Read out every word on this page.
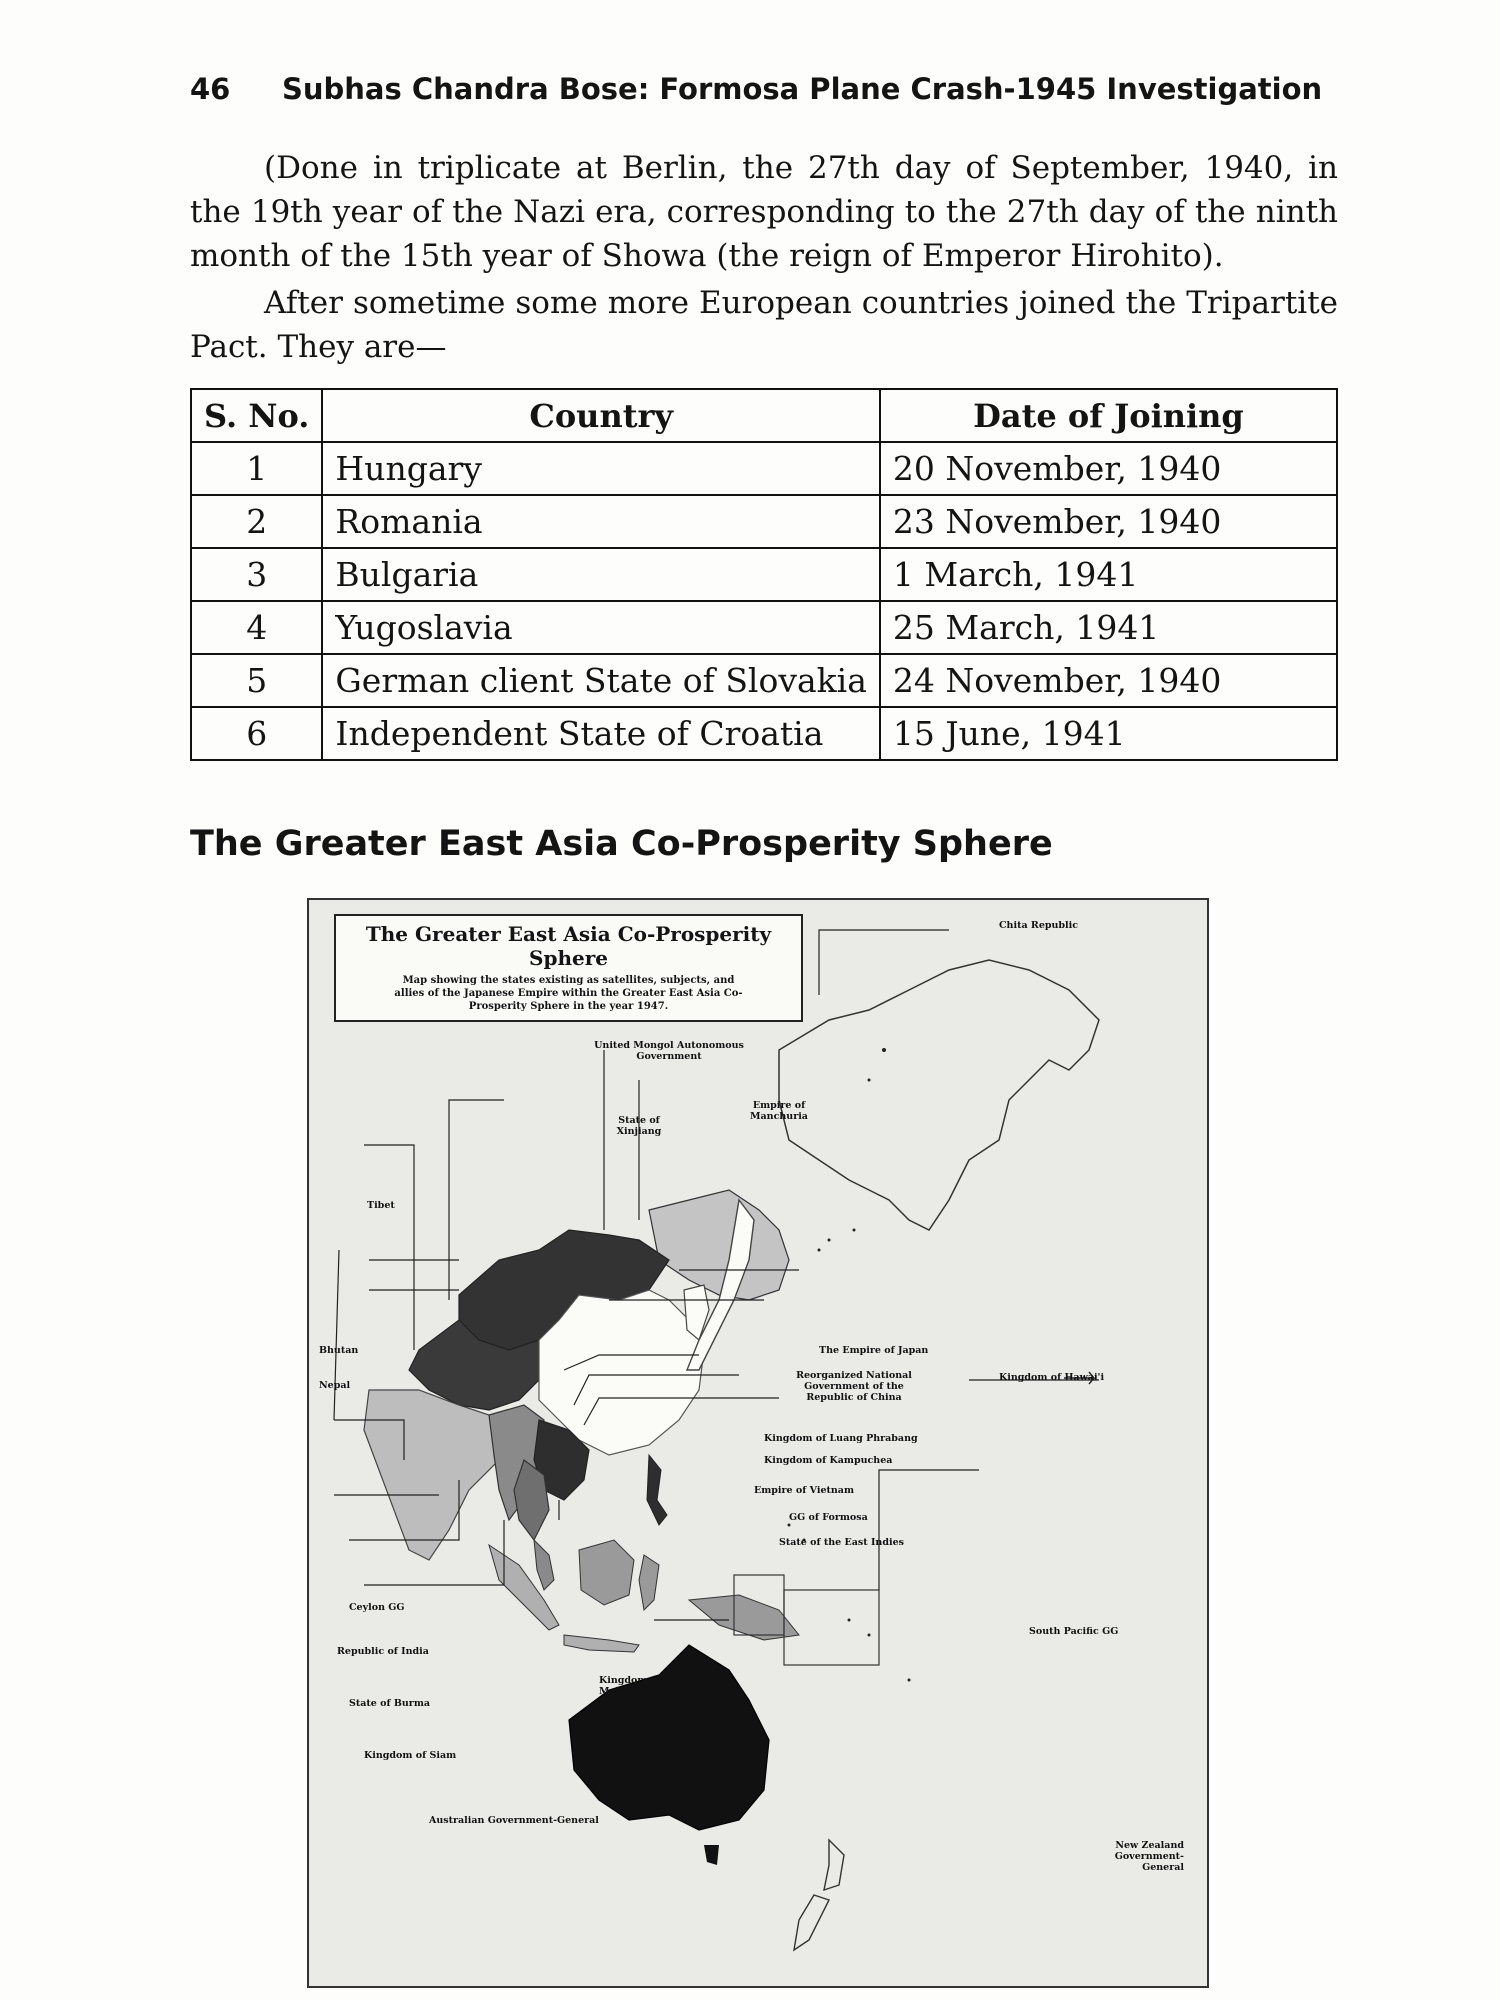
46 Subhas Chandra Bose: Formosa Plane Crash-1945 Investigation
(Done in triplicate at Berlin, the 27th day of September, 1940, in
the 19th year of the Nazi era, corresponding to the 27th day of the ninth
month of the 15th year of Showa (the reign of Emperor Hirohito).
After sometime some more European countries joined the Tripartite
Pact. They are—
S. No.	Country	Date of Joining
1	Hungary	20 November, 1940
2	Romania	23 November, 1940
3	Bulgaria	1 March, 1941
4	Yugoslavia	25 March, 1941
5	German client State of Slovakia	24 November, 1940
6	Independent State of Croatia	15 June, 1941
The Greater East Asia Co-Prosperity Sphere
The Greater East Asia Co-Prosperity Sphere
Map showing the states existing as satellites, subjects, and allies of the Japanese Empire within the Greater East Asia Co-Prosperity Sphere in the year 1947.
Chita Republic
United Mongol Autonomous Government
Empire of Manchuria
State of Xinjiang
Tibet
Bhutan
Nepal
The Empire of Japan
Reorganized National Government of the Republic of China
Kingdom of Luang Phrabang
Kingdom of Kampuchea
Empire of Vietnam
GG of Formosa
State of the East Indies
Kingdom of Hawai'i
Ceylon GG
Republic of India
State of Burma
Kingdom of Siam
Kingdom of Malaya
Australian Government-General
South Pacific GG
New Zealand Government-General
